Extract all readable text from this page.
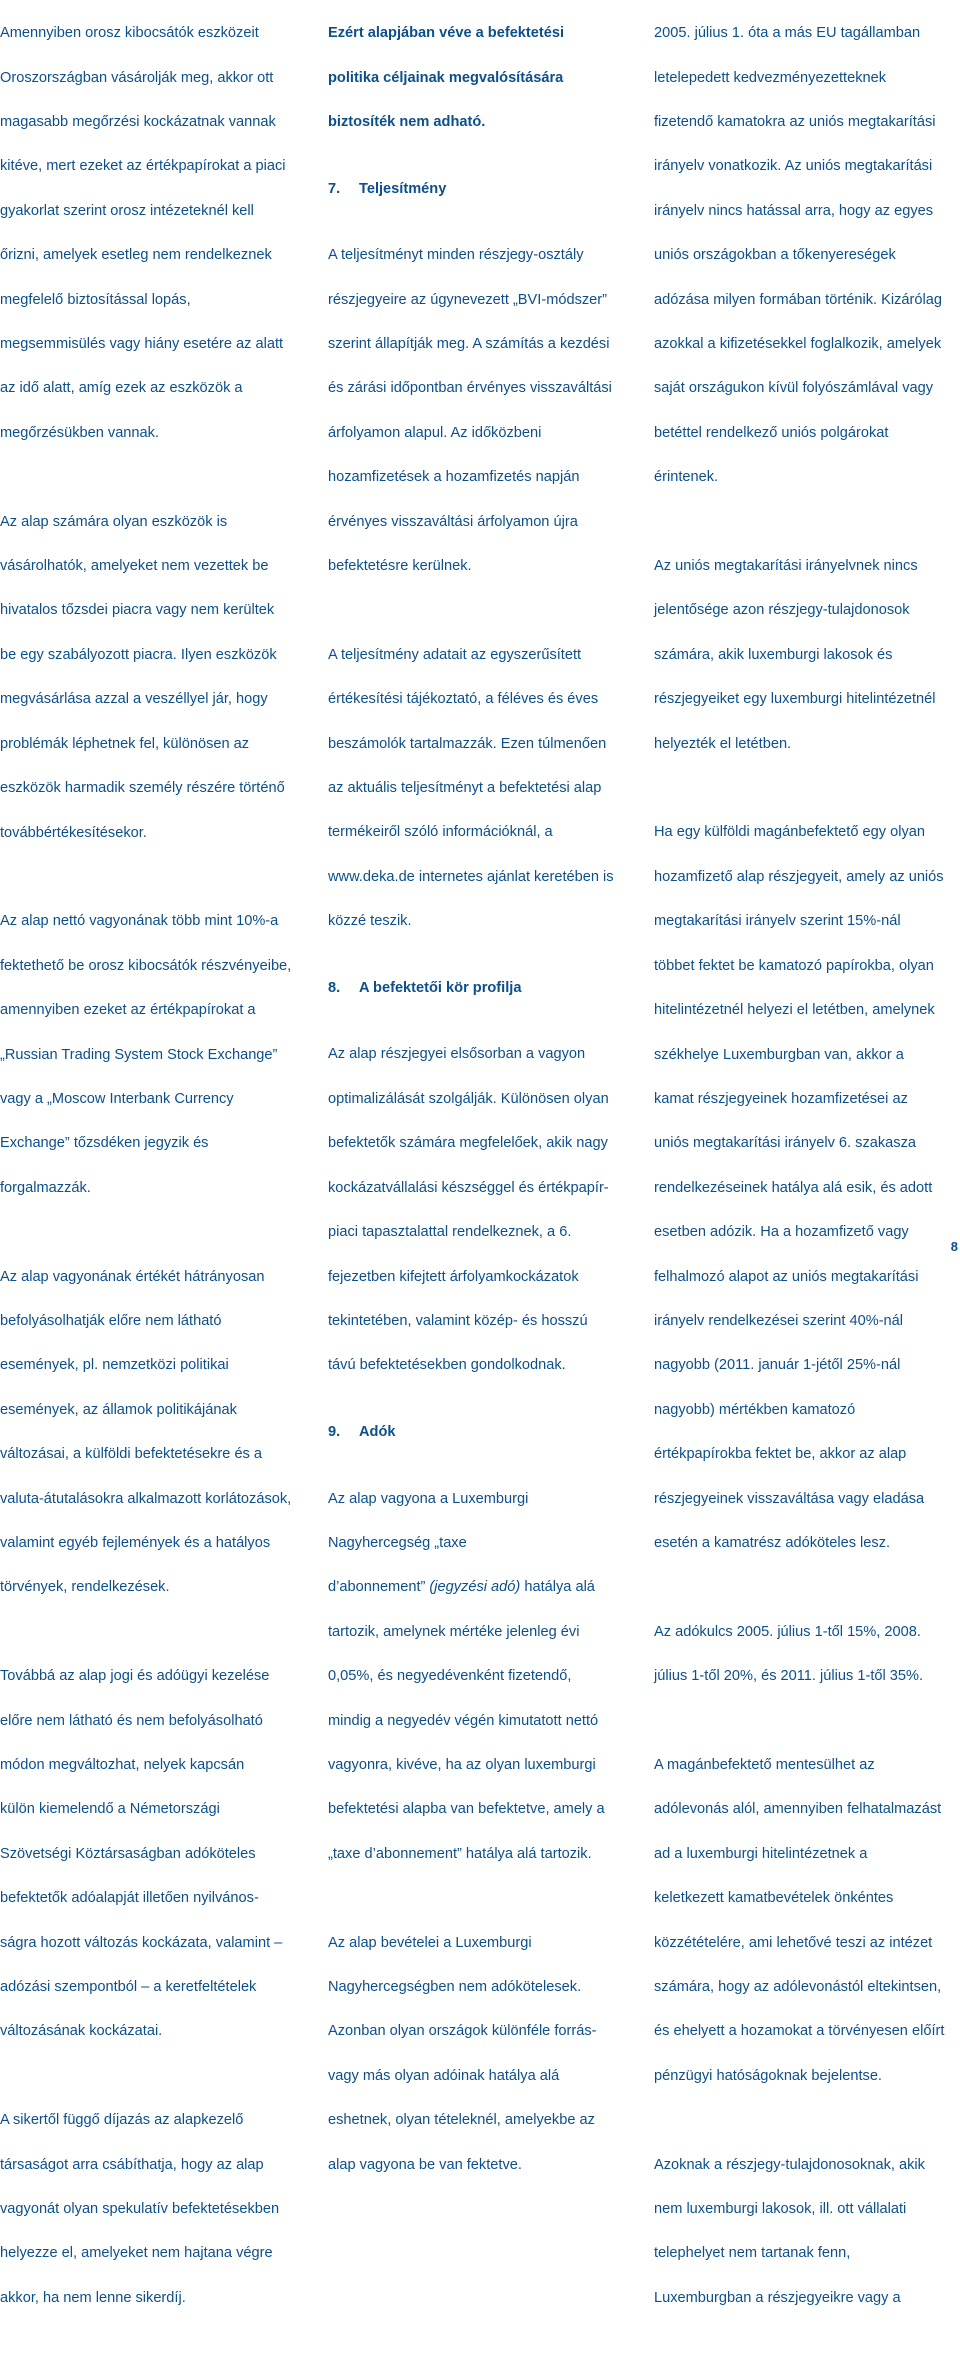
Amennyiben orosz kibocsátók eszközeit

Oroszországban vásárolják meg, akkor ott

magasabb megőrzési kockázatnak vannak

kitéve, mert ezeket az értékpapírokat a piaci

gyakorlat szerint orosz intézeteknél kell

őrizni, amelyek esetleg nem rendelkeznek

megfelelő biztosítással lopás,

megsemmisülés vagy hiány esetére az alatt

az idő alatt, amíg ezek az eszközök a

megőrzésükben vannak.

Az alap számára olyan eszközök is

vásárolhatók, amelyeket nem vezettek be

hivatalos tőzsdei piacra vagy nem kerültek

be egy szabályozott piacra. Ilyen eszközök

megvásárlása azzal a veszéllyel jár, hogy

problémák léphetnek fel, különösen az

eszközök harmadik személy részére történő

továbbértékesítésekor.

Az alap nettó vagyonának több mint 10%-a

fektethető be orosz kibocsátók részvényeibe,

amennyiben ezeket az értékpapírokat a

„Russian Trading System Stock Exchange”

vagy a „Moscow Interbank Currency

Exchange” tőzsdéken jegyzik és

forgalmazzák.

Az alap vagyonának értékét hátrányosan

befolyásolhatják előre nem látható

események, pl. nemzetközi politikai

események, az államok politikájának

változásai, a külföldi befektetésekre és a

valuta-átutalásokra alkalmazott korlátozások,

valamint egyéb fejlemények és a hatályos

törvények, rendelkezések.

Továbbá az alap jogi és adóügyi kezelése

előre nem látható és nem befolyásolható

módon megváltozhat, nelyek kapcsán

külön kiemelendő a Németországi

Szövetségi Köztársaságban adóköteles

befektetők adóalapját illetően nyilvános-

ságra hozott változás kockázata, valamint –

adózási szempontból – a keretfeltételek

változásának kockázatai.

A sikertől függő díjazás az alapkezelő

társaságot arra csábíthatja, hogy az alap

vagyonát olyan spekulatív befektetésekben

helyezze el, amelyeket nem hajtana végre

akkor, ha nem lenne sikerdíj.

Ezért alapjában véve a befektetési

politika céljainak megvalósítására

biztosíték nem adható.

7. Teljesítmény

A teljesítményt minden részjegy-osztály

részjegyeire az úgynevezett „BVI-módszer”

szerint állapítják meg. A számítás a kezdési

és zárási időpontban érvényes visszaváltási

árfolyamon alapul. Az időközbeni

hozamfizetések a hozamfizetés napján

érvényes visszaváltási árfolyamon újra

befektetésre kerülnek.

A teljesítmény adatait az egyszerűsített

értékesítési tájékoztató, a féléves és éves

beszámolók tartalmazzák. Ezen túlmenően

az aktuális teljesítményt a befektetési alap

termékeiről szóló információknál, a

www.deka.de internetes ajánlat keretében is

közzé teszik.

8. A befektetői kör profilja

Az alap részjegyei elsősorban a vagyon

optimalizálását szolgálják. Különösen olyan

befektetők számára megfelelőek, akik nagy

kockázatvállalási készséggel és értékpapír-

piaci tapasztalattal rendelkeznek, a 6.

fejezetben kifejtett árfolyamkockázatok

tekintetében, valamint közép- és hosszú

távú befektetésekben gondolkodnak.

9. Adók

Az alap vagyona a Luxemburgi

Nagyhercegség „taxe

d’abonnement” (jegyzési adó) hatálya alá

tartozik, amelynek mértéke jelenleg évi

0,05%, és negyedévenként fizetendő,

mindig a negyedév végén kimutatott nettó

vagyonra, kivéve, ha az olyan luxemburgi

befektetési alapba van befektetve, amely a

„taxe d’abonnement” hatálya alá tartozik.

Az alap bevételei a Luxemburgi

Nagyhercegségben nem adókötelesek.

Azonban olyan országok különféle forrás-

vagy más olyan adóinak hatálya alá

eshetnek, olyan tételeknél, amelyekbe az

alap vagyona be van fektetve.

2005. július 1. óta a más EU tagállamban

letelepedett kedvezményezetteknek

fizetendő kamatokra az uniós megtakarítási

irányelv vonatkozik. Az uniós megtakarítási

irányelv nincs hatással arra, hogy az egyes

uniós országokban a tőkenyereségek

adózása milyen formában történik. Kizárólag

azokkal a kifizetésekkel foglalkozik, amelyek

saját országukon kívül folyószámlával vagy

betéttel rendelkező uniós polgárokat

érintenek.

Az uniós megtakarítási irányelvnek nincs

jelentősége azon részjegy-tulajdonosok

számára, akik luxemburgi lakosok és

részjegyeiket egy luxemburgi hitelintézetnél

helyezték el letétben.

Ha egy külföldi magánbefektető egy olyan

hozamfizető alap részjegyeit, amely az uniós

megtakarítási irányelv szerint 15%-nál

többet fektet be kamatozó papírokba, olyan

hitelintézetnél helyezi el letétben, amelynek

székhelye Luxemburgban van, akkor a

kamat részjegyeinek hozamfizetései az

uniós megtakarítási irányelv 6. szakasza

rendelkezéseinek hatálya alá esik, és adott

esetben adózik. Ha a hozamfizető vagy

felhalmozó alapot az uniós megtakarítási

irányelv rendelkezései szerint 40%-nál

nagyobb (2011. január 1-jétől 25%-nál

nagyobb) mértékben kamatozó

értékpapírokba fektet be, akkor az alap

részjegyeinek visszaváltása vagy eladása

esetén a kamatrész adóköteles lesz.

Az adókulcs 2005. július 1-től 15%, 2008.

július 1-től 20%, és 2011. július 1-től 35%.

A magánbefektető mentesülhet az

adólevonás alól, amennyiben felhatalmazást

ad a luxemburgi hitelintézetnek a

keletkezett kamatbevételek önkéntes

közzétételére, ami lehetővé teszi az intézet

számára, hogy az adólevonástól eltekintsen,

és ehelyett a hozamokat a törvényesen előírt

pénzügyi hatóságoknak bejelentse.

Azoknak a részjegy-tulajdonosoknak, akik

nem luxemburgi lakosok, ill. ott vállalati

telephelyet nem tartanak fenn,

Luxemburgban a részjegyeikre vagy a

8
